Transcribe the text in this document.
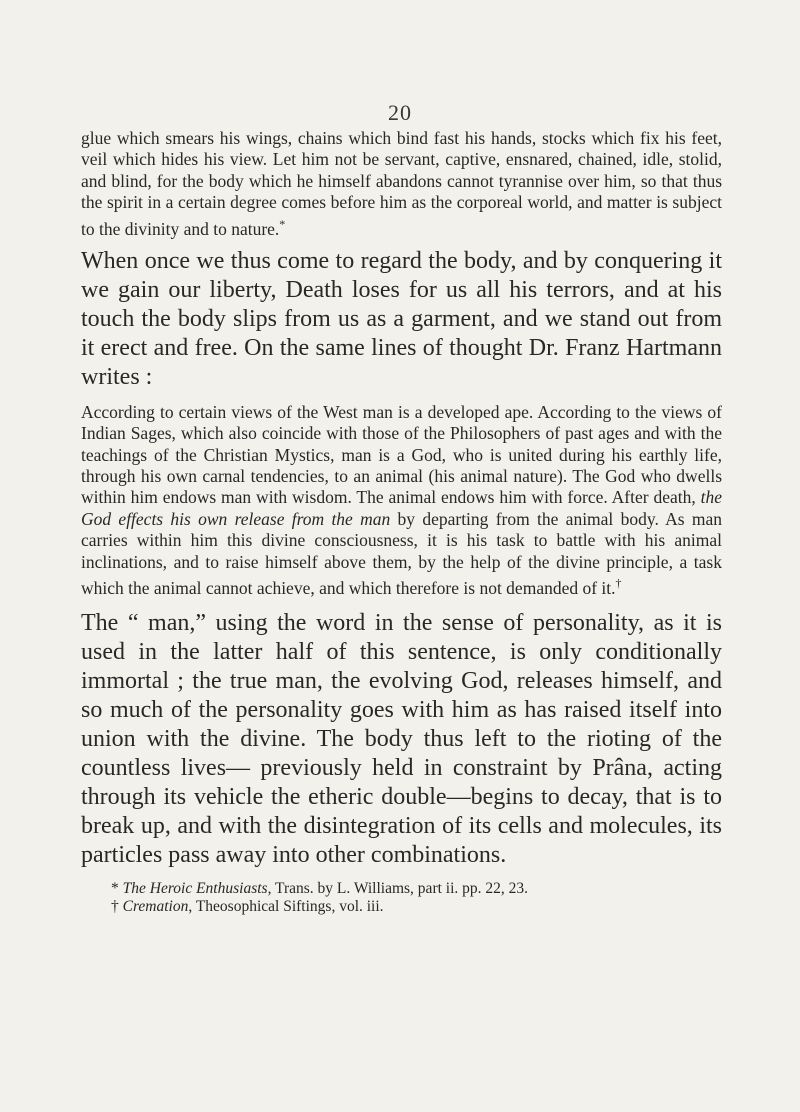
20

glue which smears his wings, chains which bind fast his hands, stocks which fix his feet, veil which hides his view. Let him not be servant, captive, ensnared, chained, idle, stolid, and blind, for the body which he himself abandons cannot tyrannise over him, so that thus the spirit in a certain degree comes before him as the corporeal world, and matter is subject to the divinity and to nature.*

When once we thus come to regard the body, and by conquering it we gain our liberty, Death loses for us all his terrors, and at his touch the body slips from us as a garment, and we stand out from it erect and free. On the same lines of thought Dr. Franz Hartmann writes :

According to certain views of the West man is a developed ape. According to the views of Indian Sages, which also coincide with those of the Philosophers of past ages and with the teachings of the Christian Mystics, man is a God, who is united during his earthly life, through his own carnal tendencies, to an animal (his animal nature). The God who dwells within him endows man with wisdom. The animal endows him with force. After death, the God effects his own release from the man by departing from the animal body. As man carries within him this divine consciousness, it is his task to battle with his animal inclinations, and to raise himself above them, by the help of the divine principle, a task which the animal cannot achieve, and which therefore is not demanded of it.†

The “ man,” using the word in the sense of personality, as it is used in the latter half of this sentence, is only conditionally immortal ; the true man, the evolving God, releases himself, and so much of the personality goes with him as has raised itself into union with the divine. The body thus left to the rioting of the countless lives— previously held in constraint by Prâna, acting through its vehicle the etheric double—begins to decay, that is to break up, and with the disintegration of its cells and molecules, its particles pass away into other combinations.

* The Heroic Enthusiasts, Trans. by L. Williams, part ii. pp. 22, 23.
† Cremation, Theosophical Siftings, vol. iii.
